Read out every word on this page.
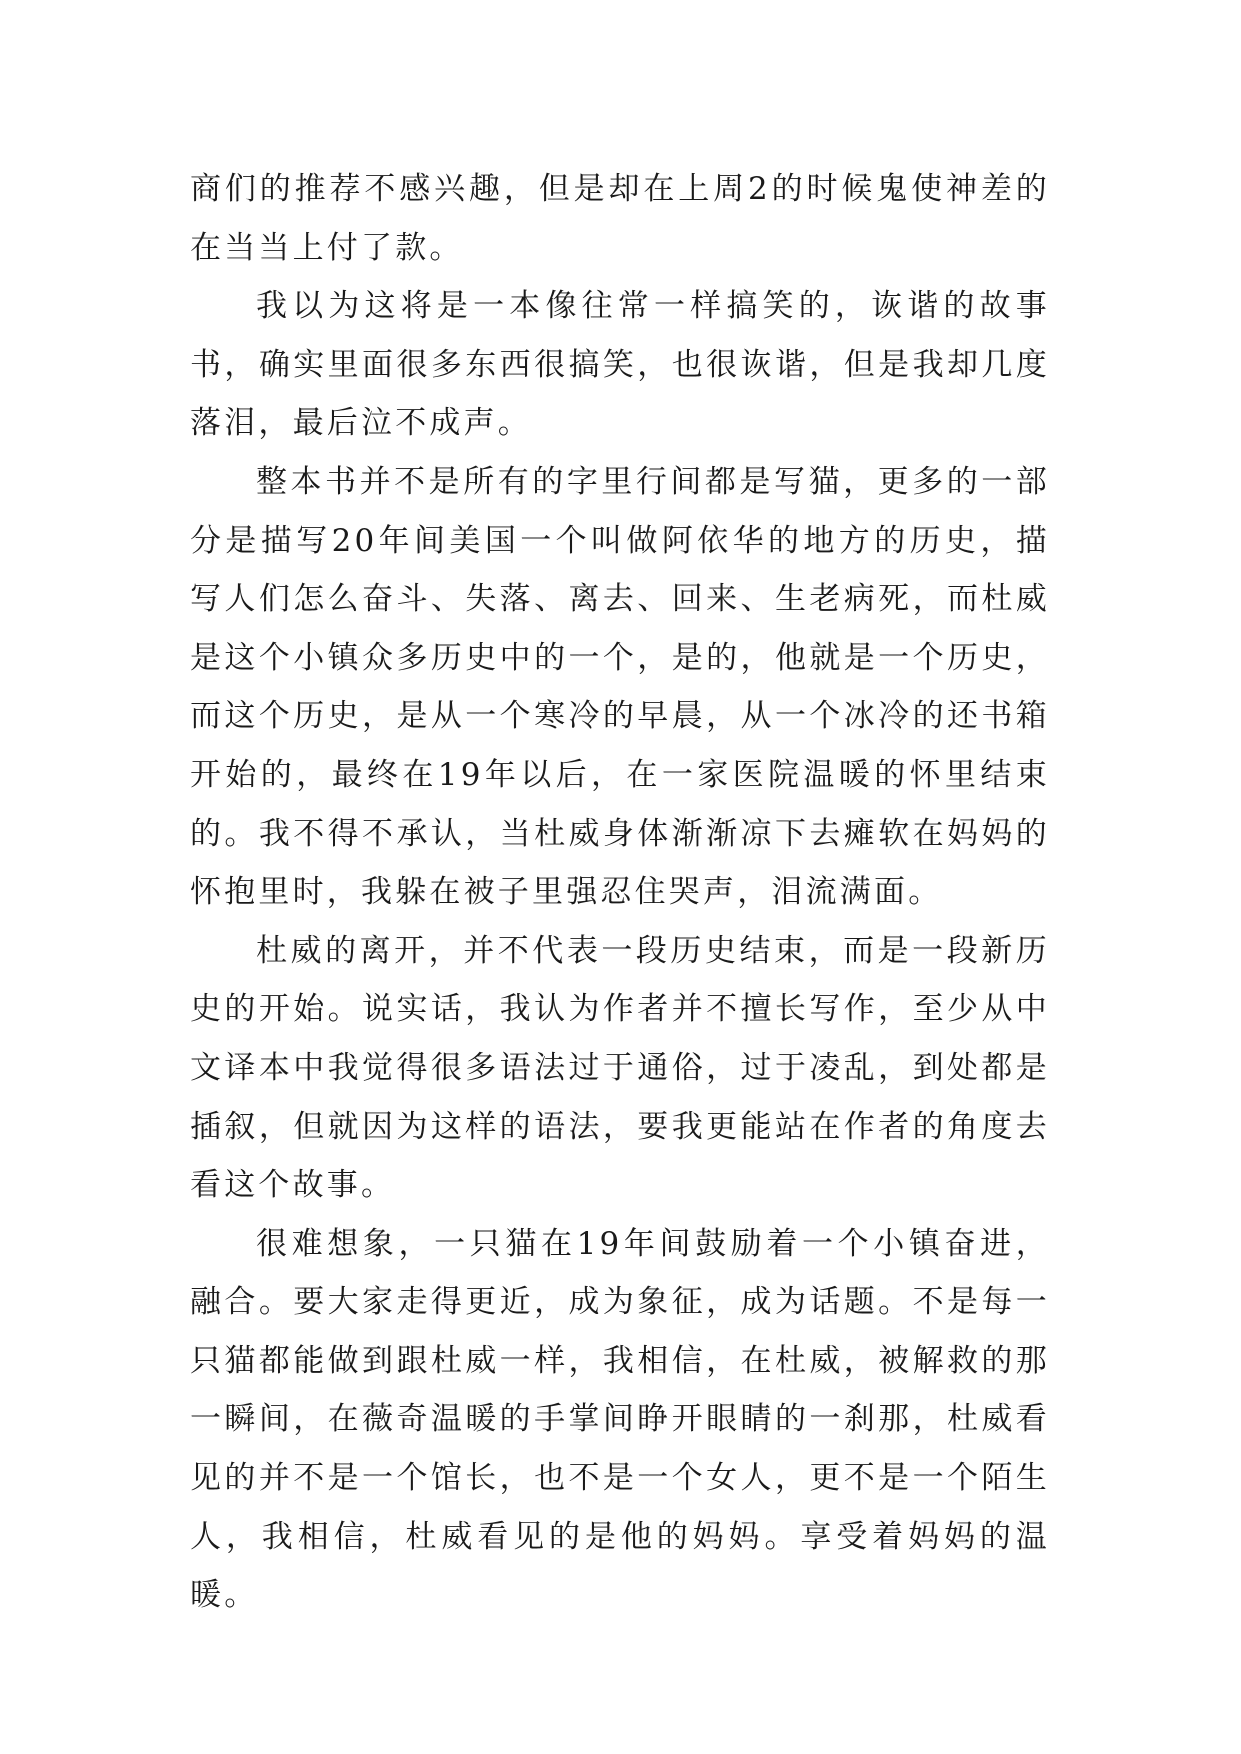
商们的推荐不感兴趣，但是却在上周2的时候鬼使神差的在当当上付了款。

我以为这将是一本像往常一样搞笑的，诙谐的故事书，确实里面很多东西很搞笑，也很诙谐，但是我却几度落泪，最后泣不成声。

整本书并不是所有的字里行间都是写猫，更多的一部分是描写20年间美国一个叫做阿依华的地方的历史，描写人们怎么奋斗、失落、离去、回来、生老病死，而杜威是这个小镇众多历史中的一个，是的，他就是一个历史，而这个历史，是从一个寒冷的早晨，从一个冰冷的还书箱开始的，最终在19年以后，在一家医院温暖的怀里结束的。我不得不承认，当杜威身体渐渐凉下去瘫软在妈妈的怀抱里时，我躲在被子里强忍住哭声，泪流满面。

杜威的离开，并不代表一段历史结束，而是一段新历史的开始。说实话，我认为作者并不擅长写作，至少从中文译本中我觉得很多语法过于通俗，过于凌乱，到处都是插叙，但就因为这样的语法，要我更能站在作者的角度去看这个故事。

很难想象，一只猫在19年间鼓励着一个小镇奋进，融合。要大家走得更近，成为象征，成为话题。不是每一只猫都能做到跟杜威一样，我相信，在杜威，被解救的那一瞬间，在薇奇温暖的手掌间睁开眼睛的一刹那，杜威看见的并不是一个馆长，也不是一个女人，更不是一个陌生人，我相信，杜威看见的是他的妈妈。享受着妈妈的温暖。
